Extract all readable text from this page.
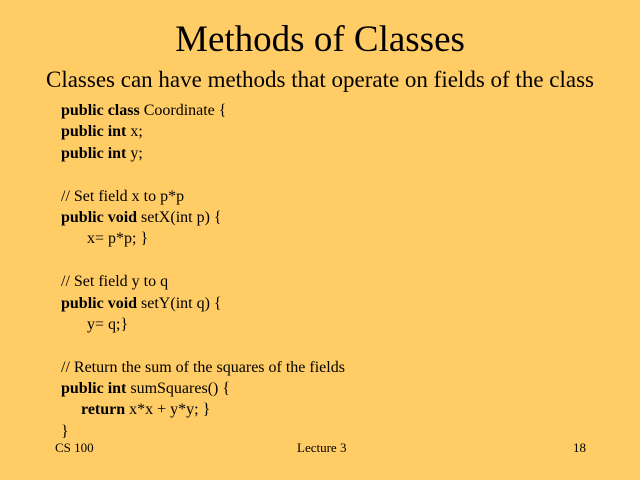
Methods of Classes
Classes can have methods that operate on fields of the class
public class Coordinate {
public int x;
public int y;
// Set field x to p*p
public void setX(int p) {
x= p*p; }
// Set field y to q
public void setY(int q) {
y= q;}
// Return the sum of the squares of the fields
public int sumSquares() {
return x*x + y*y; }
}
CS 100	Lecture 3	18
